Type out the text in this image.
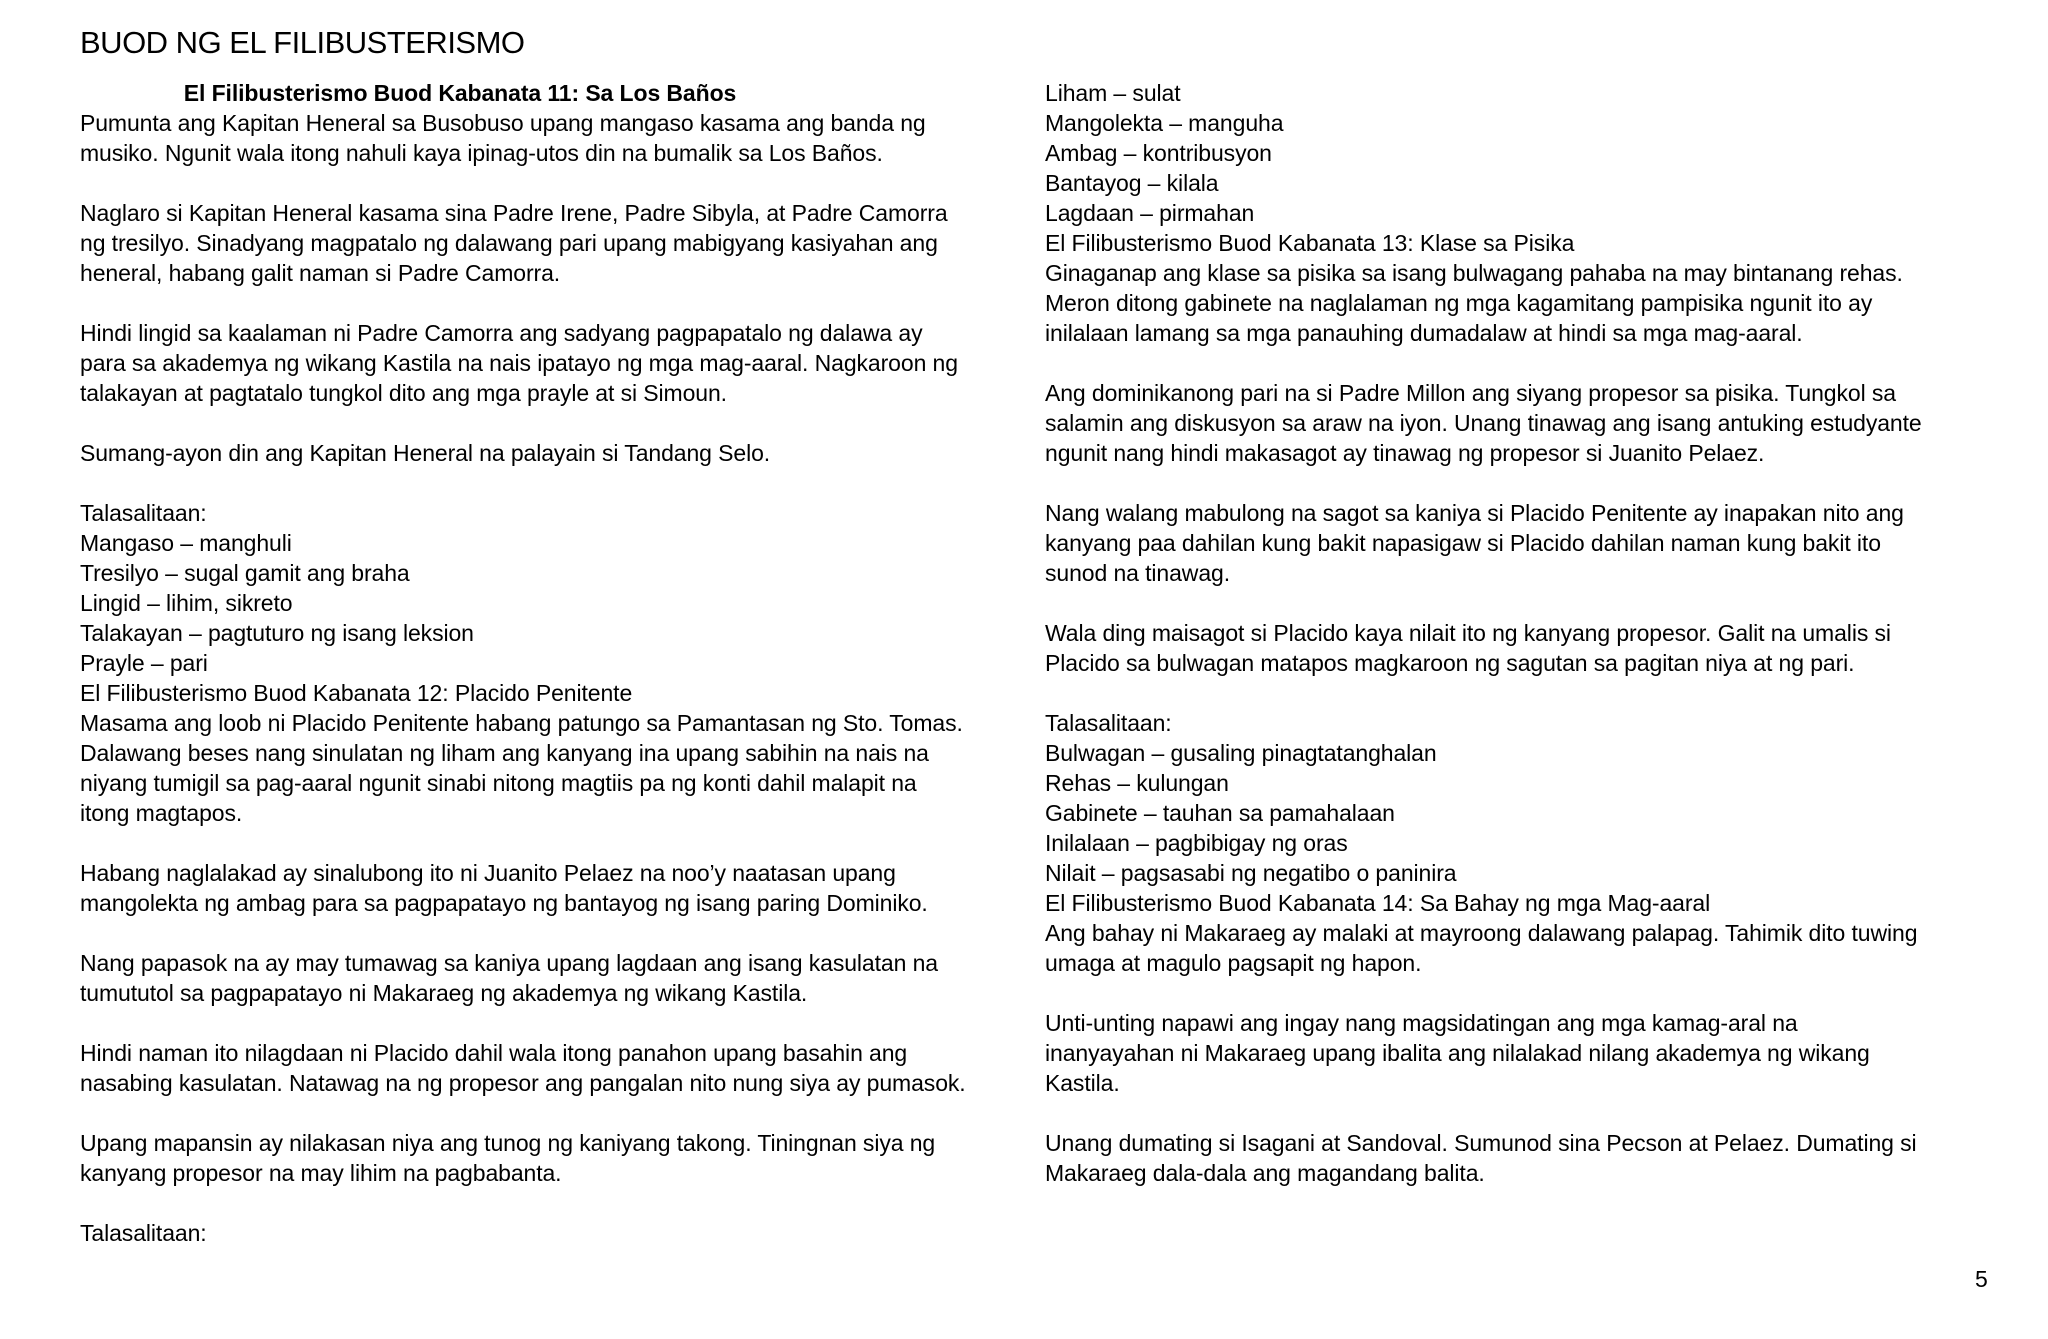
BUOD NG EL FILIBUSTERISMO
El Filibusterismo Buod Kabanata 11: Sa Los Baños
Pumunta ang Kapitan Heneral sa Busobuso upang mangaso kasama ang banda ng
musiko. Ngunit wala itong nahuli kaya ipinag-utos din na bumalik sa Los Baños.
Naglaro si Kapitan Heneral kasama sina Padre Irene, Padre Sibyla, at Padre Camorra
ng tresilyo. Sinadyang magpatalo ng dalawang pari upang mabigyang kasiyahan ang
heneral, habang galit naman si Padre Camorra.
Hindi lingid sa kaalaman ni Padre Camorra ang sadyang pagpapatalo ng dalawa ay
para sa akademya ng wikang Kastila na nais ipatayo ng mga mag-aaral. Nagkaroon ng
talakayan at pagtatalo tungkol dito ang mga prayle at si Simoun.
Sumang-ayon din ang Kapitan Heneral na palayain si Tandang Selo.
Talasalitaan:
Mangaso – manghuli
Tresilyo – sugal gamit ang braha
Lingid – lihim, sikreto
Talakayan – pagtuturo ng isang leksion
Prayle – pari
El Filibusterismo Buod Kabanata 12: Placido Penitente
Masama ang loob ni Placido Penitente habang patungo sa Pamantasan ng Sto. Tomas.
Dalawang beses nang sinulatan ng liham ang kanyang ina upang sabihin na nais na
niyang tumigil sa pag-aaral ngunit sinabi nitong magtiis pa ng konti dahil malapit na
itong magtapos.
Habang naglalakad ay sinalubong ito ni Juanito Pelaez na noo’y naatasan upang
mangolekta ng ambag para sa pagpapatayo ng bantayog ng isang paring Dominiko.
Nang papasok na ay may tumawag sa kaniya upang lagdaan ang isang kasulatan na
tumututol sa pagpapatayo ni Makaraeg ng akademya ng wikang Kastila.
Hindi naman ito nilagdaan ni Placido dahil wala itong panahon upang basahin ang
nasabing kasulatan. Natawag na ng propesor ang pangalan nito nung siya ay pumasok.
Upang mapansin ay nilakasan niya ang tunog ng kaniyang takong. Tiningnan siya ng
kanyang propesor na may lihim na pagbabanta.
Talasalitaan:
Liham – sulat
Mangolekta – manguha
Ambag – kontribusyon
Bantayog – kilala
Lagdaan – pirmahan
El Filibusterismo Buod Kabanata 13: Klase sa Pisika
Ginaganap ang klase sa pisika sa isang bulwagang pahaba na may bintanang rehas.
Meron ditong gabinete na naglalaman ng mga kagamitang pampisika ngunit ito ay
inilalaan lamang sa mga panauhing dumadalaw at hindi sa mga mag-aaral.
Ang dominikanong pari na si Padre Millon ang siyang propesor sa pisika. Tungkol sa
salamin ang diskusyon sa araw na iyon. Unang tinawag ang isang antuking estudyante
ngunit nang hindi makasagot ay tinawag ng propesor si Juanito Pelaez.
Nang walang mabulong na sagot sa kaniya si Placido Penitente ay inapakan nito ang
kanyang paa dahilan kung bakit napasigaw si Placido dahilan naman kung bakit ito
sunod na tinawag.
Wala ding maisagot si Placido kaya nilait ito ng kanyang propesor. Galit na umalis si
Placido sa bulwagan matapos magkaroon ng sagutan sa pagitan niya at ng pari.
Talasalitaan:
Bulwagan – gusaling pinagtatanghalan
Rehas – kulungan
Gabinete – tauhan sa pamahalaan
Inilalaan – pagbibigay ng oras
Nilait – pagsasabi ng negatibo o paninira
El Filibusterismo Buod Kabanata 14: Sa Bahay ng mga Mag-aaral
Ang bahay ni Makaraeg ay malaki at mayroong dalawang palapag. Tahimik dito tuwing
umaga at magulo pagsapit ng hapon.
Unti-unting napawi ang ingay nang magsidatingan ang mga kamag-aral na
inanyayahan ni Makaraeg upang ibalita ang nilalakad nilang akademya ng wikang
Kastila.
Unang dumating si Isagani at Sandoval. Sumunod sina Pecson at Pelaez. Dumating si
Makaraeg dala-dala ang magandang balita.
5
